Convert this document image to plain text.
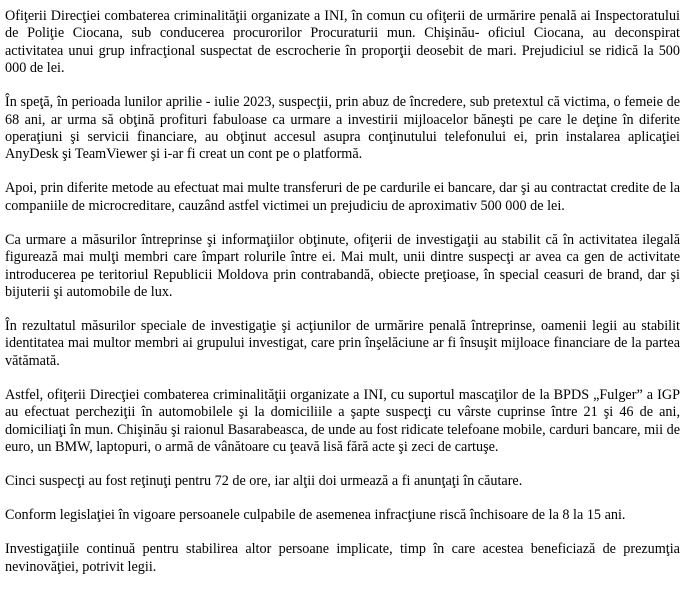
Ofiţerii Direcţiei combaterea criminalităţii organizate a INI, în comun cu ofiţerii de urmărire penală ai Inspectoratului de Poliţie Ciocana, sub conducerea procurorilor Procuraturii mun. Chişinău- oficiul Ciocana, au deconspirat activitatea unui grup infracţional suspectat de escrocherie în proporţii deosebit de mari. Prejudiciul se ridică la 500 000 de lei.

În speţă, în perioada lunilor aprilie - iulie 2023, suspecţii, prin abuz de încredere, sub pretextul că victima, o femeie de 68 ani, ar urma să obţină profituri fabuloase ca urmare a investirii mijloacelor băneşti pe care le deţine în diferite operaţiuni şi servicii financiare, au obţinut accesul asupra conţinutului telefonului ei, prin instalarea aplicaţiei AnyDesk şi TeamViewer şi i-ar fi creat un cont pe o platformă.

Apoi, prin diferite metode au efectuat mai multe transferuri de pe cardurile ei bancare, dar şi au contractat credite de la companiile de microcreditare, cauzând astfel victimei un prejudiciu de aproximativ 500 000 de lei.

Ca urmare a măsurilor întreprinse şi informaţiilor obţinute, ofiţerii de investigaţii au stabilit că în activitatea ilegală figurează mai mulţi membri care împart rolurile între ei. Mai mult, unii dintre suspecţi ar avea ca gen de activitate introducerea pe teritoriul Republicii Moldova prin contrabandă, obiecte preţioase, în special ceasuri de brand, dar şi bijuterii şi automobile de lux.

În rezultatul măsurilor speciale de investigaţie şi acţiunilor de urmărire penală întreprinse, oamenii legii au stabilit identitatea mai multor membri ai grupului investigat, care prin înşelăciune ar fi însuşit mijloace financiare de la partea vătămată.

Astfel, ofiţerii Direcţiei combaterea criminalităţii organizate a INI, cu suportul mascaţilor de la BPDS „Fulger” a IGP au efectuat percheziţii în automobilele şi la domiciliile a şapte suspecţi cu vârste cuprinse între 21 şi 46 de ani, domiciliaţi în mun. Chişinău şi raionul Basarabeasca, de unde au fost ridicate telefoane mobile, carduri bancare, mii de euro, un BMW, laptopuri, o armă de vânătoare cu ţeavă lisă fără acte şi zeci de cartuşe.

Cinci suspecţi au fost reţinuţi pentru 72 de ore, iar alţii doi urmează a fi anunţaţi în căutare.

Conform legislaţiei în vigoare persoanele culpabile de asemenea infracţiune riscă închisoare de la 8 la 15 ani.

Investigaţiile continuă pentru stabilirea altor persoane implicate, timp în care acestea beneficiază de prezumţia nevinovăţiei, potrivit legii.
